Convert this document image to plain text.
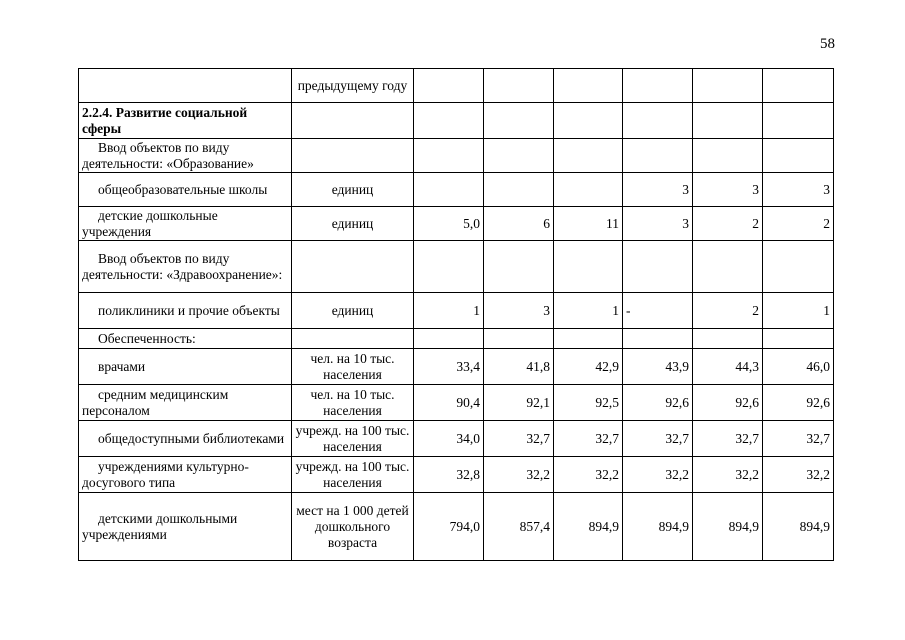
58
	предыдущему году						
2.2.4. Развитие социальной сферы							
Ввод объектов по виду деятельности: «Образование»							
общеобразовательные школы	единиц				3	3	3
детские дошкольные учреждения	единиц	5,0	6	11	3	2	2
Ввод объектов по виду деятельности: «Здравоохранение»:							
поликлиники и прочие объекты	единиц	1	3	1	-	2	1
Обеспеченность:							
врачами	чел. на 10 тыс. населения	33,4	41,8	42,9	43,9	44,3	46,0
средним медицинским персоналом	чел. на 10 тыс. населения	90,4	92,1	92,5	92,6	92,6	92,6
общедоступными библиотеками	учрежд. на 100 тыс. населения	34,0	32,7	32,7	32,7	32,7	32,7
учреждениями культурно-досугового типа	учрежд. на 100 тыс. населения	32,8	32,2	32,2	32,2	32,2	32,2
детскими дошкольными учреждениями	мест на 1 000 детей дошкольного возраста	794,0	857,4	894,9	894,9	894,9	894,9
